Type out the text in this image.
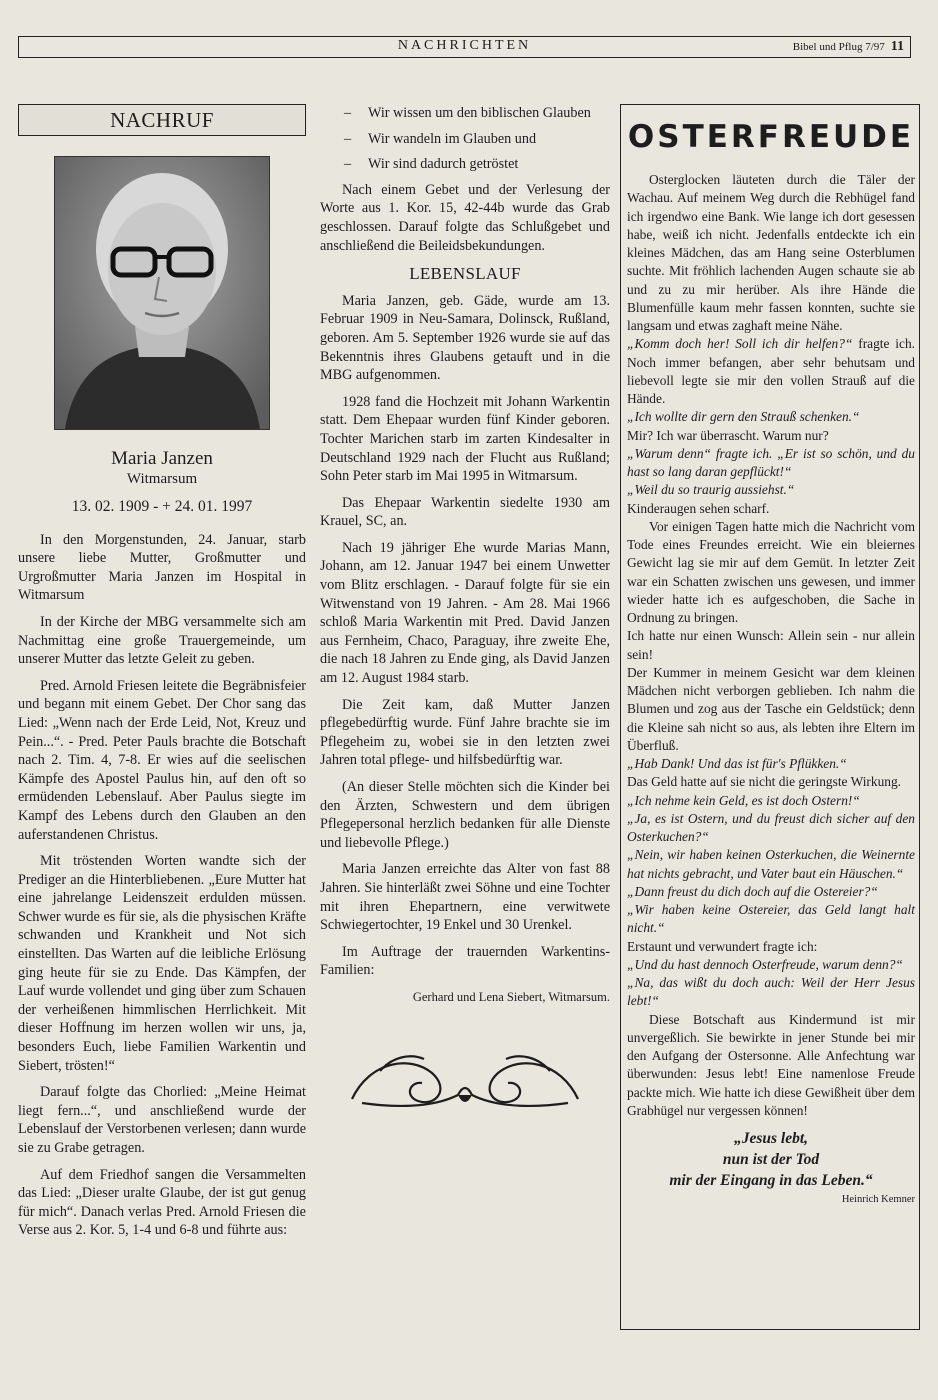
NACHRICHTEN	Bibel und Pflug 7/97 11
NACHRUF
Maria Janzen
Witmarsum
13. 02. 1909 - + 24. 01. 1997

In den Morgenstunden, 24. Januar, starb unsere liebe Mutter, Großmutter und Urgroßmutter Maria Janzen im Hospital in Witmarsum

In der Kirche der MBG versammelte sich am Nachmittag eine große Trauergemeinde, um unserer Mutter das letzte Geleit zu geben.

Pred. Arnold Friesen leitete die Begräbnisfeier und begann mit einem Gebet. Der Chor sang das Lied: „Wenn nach der Erde Leid, Not, Kreuz und Pein...“. - Pred. Peter Pauls brachte die Botschaft nach 2. Tim. 4, 7-8. Er wies auf die seelischen Kämpfe des Apostel Paulus hin, auf den oft so ermüdenden Lebenslauf. Aber Paulus siegte im Kampf des Lebens durch den Glauben an den auferstandenen Christus.

Mit tröstenden Worten wandte sich der Prediger an die Hinterbliebenen. „Eure Mutter hat eine jahrelange Leidenszeit erdulden müssen. Schwer wurde es für sie, als die physischen Kräfte schwanden und Krankheit und Not sich einstellten. Das Warten auf die leibliche Erlösung ging heute für sie zu Ende. Das Kämpfen, der Lauf wurde vollendet und ging über zum Schauen der verheißenen himmlischen Herrlichkeit. Mit dieser Hoffnung im herzen wollen wir uns, ja, besonders Euch, liebe Familien Warkentin und Siebert, trösten!“

Darauf folgte das Chorlied: „Meine Heimat liegt fern...“, und anschließend wurde der Lebenslauf der Verstorbenen verlesen; dann wurde sie zu Grabe getragen.

Auf dem Friedhof sangen die Versammelten das Lied: „Dieser uralte Glaube, der ist gut genug für mich“. Danach verlas Pred. Arnold Friesen die Verse aus 2. Kor. 5, 1-4 und 6-8 und führte aus:

– Wir wissen um den biblischen Glauben
– Wir wandeln im Glauben und
– Wir sind dadurch getröstet

Nach einem Gebet und der Verlesung der Worte aus 1. Kor. 15, 42-44b wurde das Grab geschlossen. Darauf folgte das Schlußgebet und anschließend die Beileidsbekundungen.

LEBENSLAUF

Maria Janzen, geb. Gäde, wurde am 13. Februar 1909 in Neu-Samara, Dolinsck, Rußland, geboren. Am 5. September 1926 wurde sie auf das Bekenntnis ihres Glaubens getauft und in die MBG aufgenommen.

1928 fand die Hochzeit mit Johann Warkentin statt. Dem Ehepaar wurden fünf Kinder geboren. Tochter Marichen starb im zarten Kindesalter in Deutschland 1929 nach der Flucht aus Rußland; Sohn Peter starb im Mai 1995 in Witmarsum.

Das Ehepaar Warkentin siedelte 1930 am Krauel, SC, an.

Nach 19 jähriger Ehe wurde Marias Mann, Johann, am 12. Januar 1947 bei einem Unwetter vom Blitz erschlagen. - Darauf folgte für sie ein Witwenstand von 19 Jahren. - Am 28. Mai 1966 schloß Maria Warkentin mit Pred. David Janzen aus Fernheim, Chaco, Paraguay, ihre zweite Ehe, die nach 18 Jahren zu Ende ging, als David Janzen am 12. August 1984 starb.

Die Zeit kam, daß Mutter Janzen pflegebedürftig wurde. Fünf Jahre brachte sie im Pflegeheim zu, wobei sie in den letzten zwei Jahren total pflege- und hilfsbedürftig war.

(An dieser Stelle möchten sich die Kinder bei den Ärzten, Schwestern und dem übrigen Pflegepersonal herzlich bedanken für alle Dienste und liebevolle Pflege.)

Maria Janzen erreichte das Alter von fast 88 Jahren. Sie hinterläßt zwei Söhne und eine Tochter mit ihren Ehepartnern, eine verwitwete Schwiegertochter, 19 Enkel und 30 Urenkel.

Im Auftrage der trauernden Warkentins-Familien:

Gerhard und Lena Siebert, Witmarsum.
OSTERFREUDE

Osterglocken läuteten durch die Täler der Wachau. Auf meinem Weg durch die Rebhügel fand ich irgendwo eine Bank. Wie lange ich dort gesessen habe, weiß ich nicht. Jedenfalls entdeckte ich ein kleines Mädchen, das am Hang seine Osterblumen suchte. Mit fröhlich lachenden Augen schaute sie ab und zu zu mir herüber. Als ihre Hände die Blumenfülle kaum mehr fassen konnten, suchte sie langsam und etwas zaghaft meine Nähe.

„Komm doch her! Soll ich dir helfen?“ fragte ich. Noch immer befangen, aber sehr behutsam und liebevoll legte sie mir den vollen Strauß auf die Hände.

„Ich wollte dir gern den Strauß schenken.“

Mir? Ich war überrascht. Warum nur?

„Warum denn“ fragte ich. „Er ist so schön, und du hast so lang daran gepflückt!“

„Weil du so traurig aussiehst.“

Kinderaugen sehen scharf.

Vor einigen Tagen hatte mich die Nachricht vom Tode eines Freundes erreicht. Wie ein bleiernes Gewicht lag sie mir auf dem Gemüt. In letzter Zeit war ein Schatten zwischen uns gewesen, und immer wieder hatte ich es aufgeschoben, die Sache in Ordnung zu bringen.

Ich hatte nur einen Wunsch: Allein sein - nur allein sein!

Der Kummer in meinem Gesicht war dem kleinen Mädchen nicht verborgen geblieben. Ich nahm die Blumen und zog aus der Tasche ein Geldstück; denn die Kleine sah nicht so aus, als lebten ihre Eltern im Überfluß.

„Hab Dank! Und das ist für's Pflükken.“

Das Geld hatte auf sie nicht die geringste Wirkung.

„Ich nehme kein Geld, es ist doch Ostern!“

„Ja, es ist Ostern, und du freust dich sicher auf den Osterkuchen?“

„Nein, wir haben keinen Osterkuchen, die Weinernte hat nichts gebracht, und Vater baut ein Häuschen.“

„Dann freust du dich doch auf die Ostereier?“

„Wir haben keine Ostereier, das Geld langt halt nicht.“

Erstaunt und verwundert fragte ich:

„Und du hast dennoch Osterfreude, warum denn?“

„Na, das wißt du doch auch: Weil der Herr Jesus lebt!“

Diese Botschaft aus Kindermund ist mir unvergeßlich. Sie bewirkte in jener Stunde bei mir den Aufgang der Ostersonne. Alle Anfechtung war überwunden: Jesus lebt! Eine namenlose Freude packte mich. Wie hatte ich diese Gewißheit über dem Grabhügel nur vergessen können!

„Jesus lebt,
nun ist der Tod
mir der Eingang in das Leben.“
Heinrich Kemner
